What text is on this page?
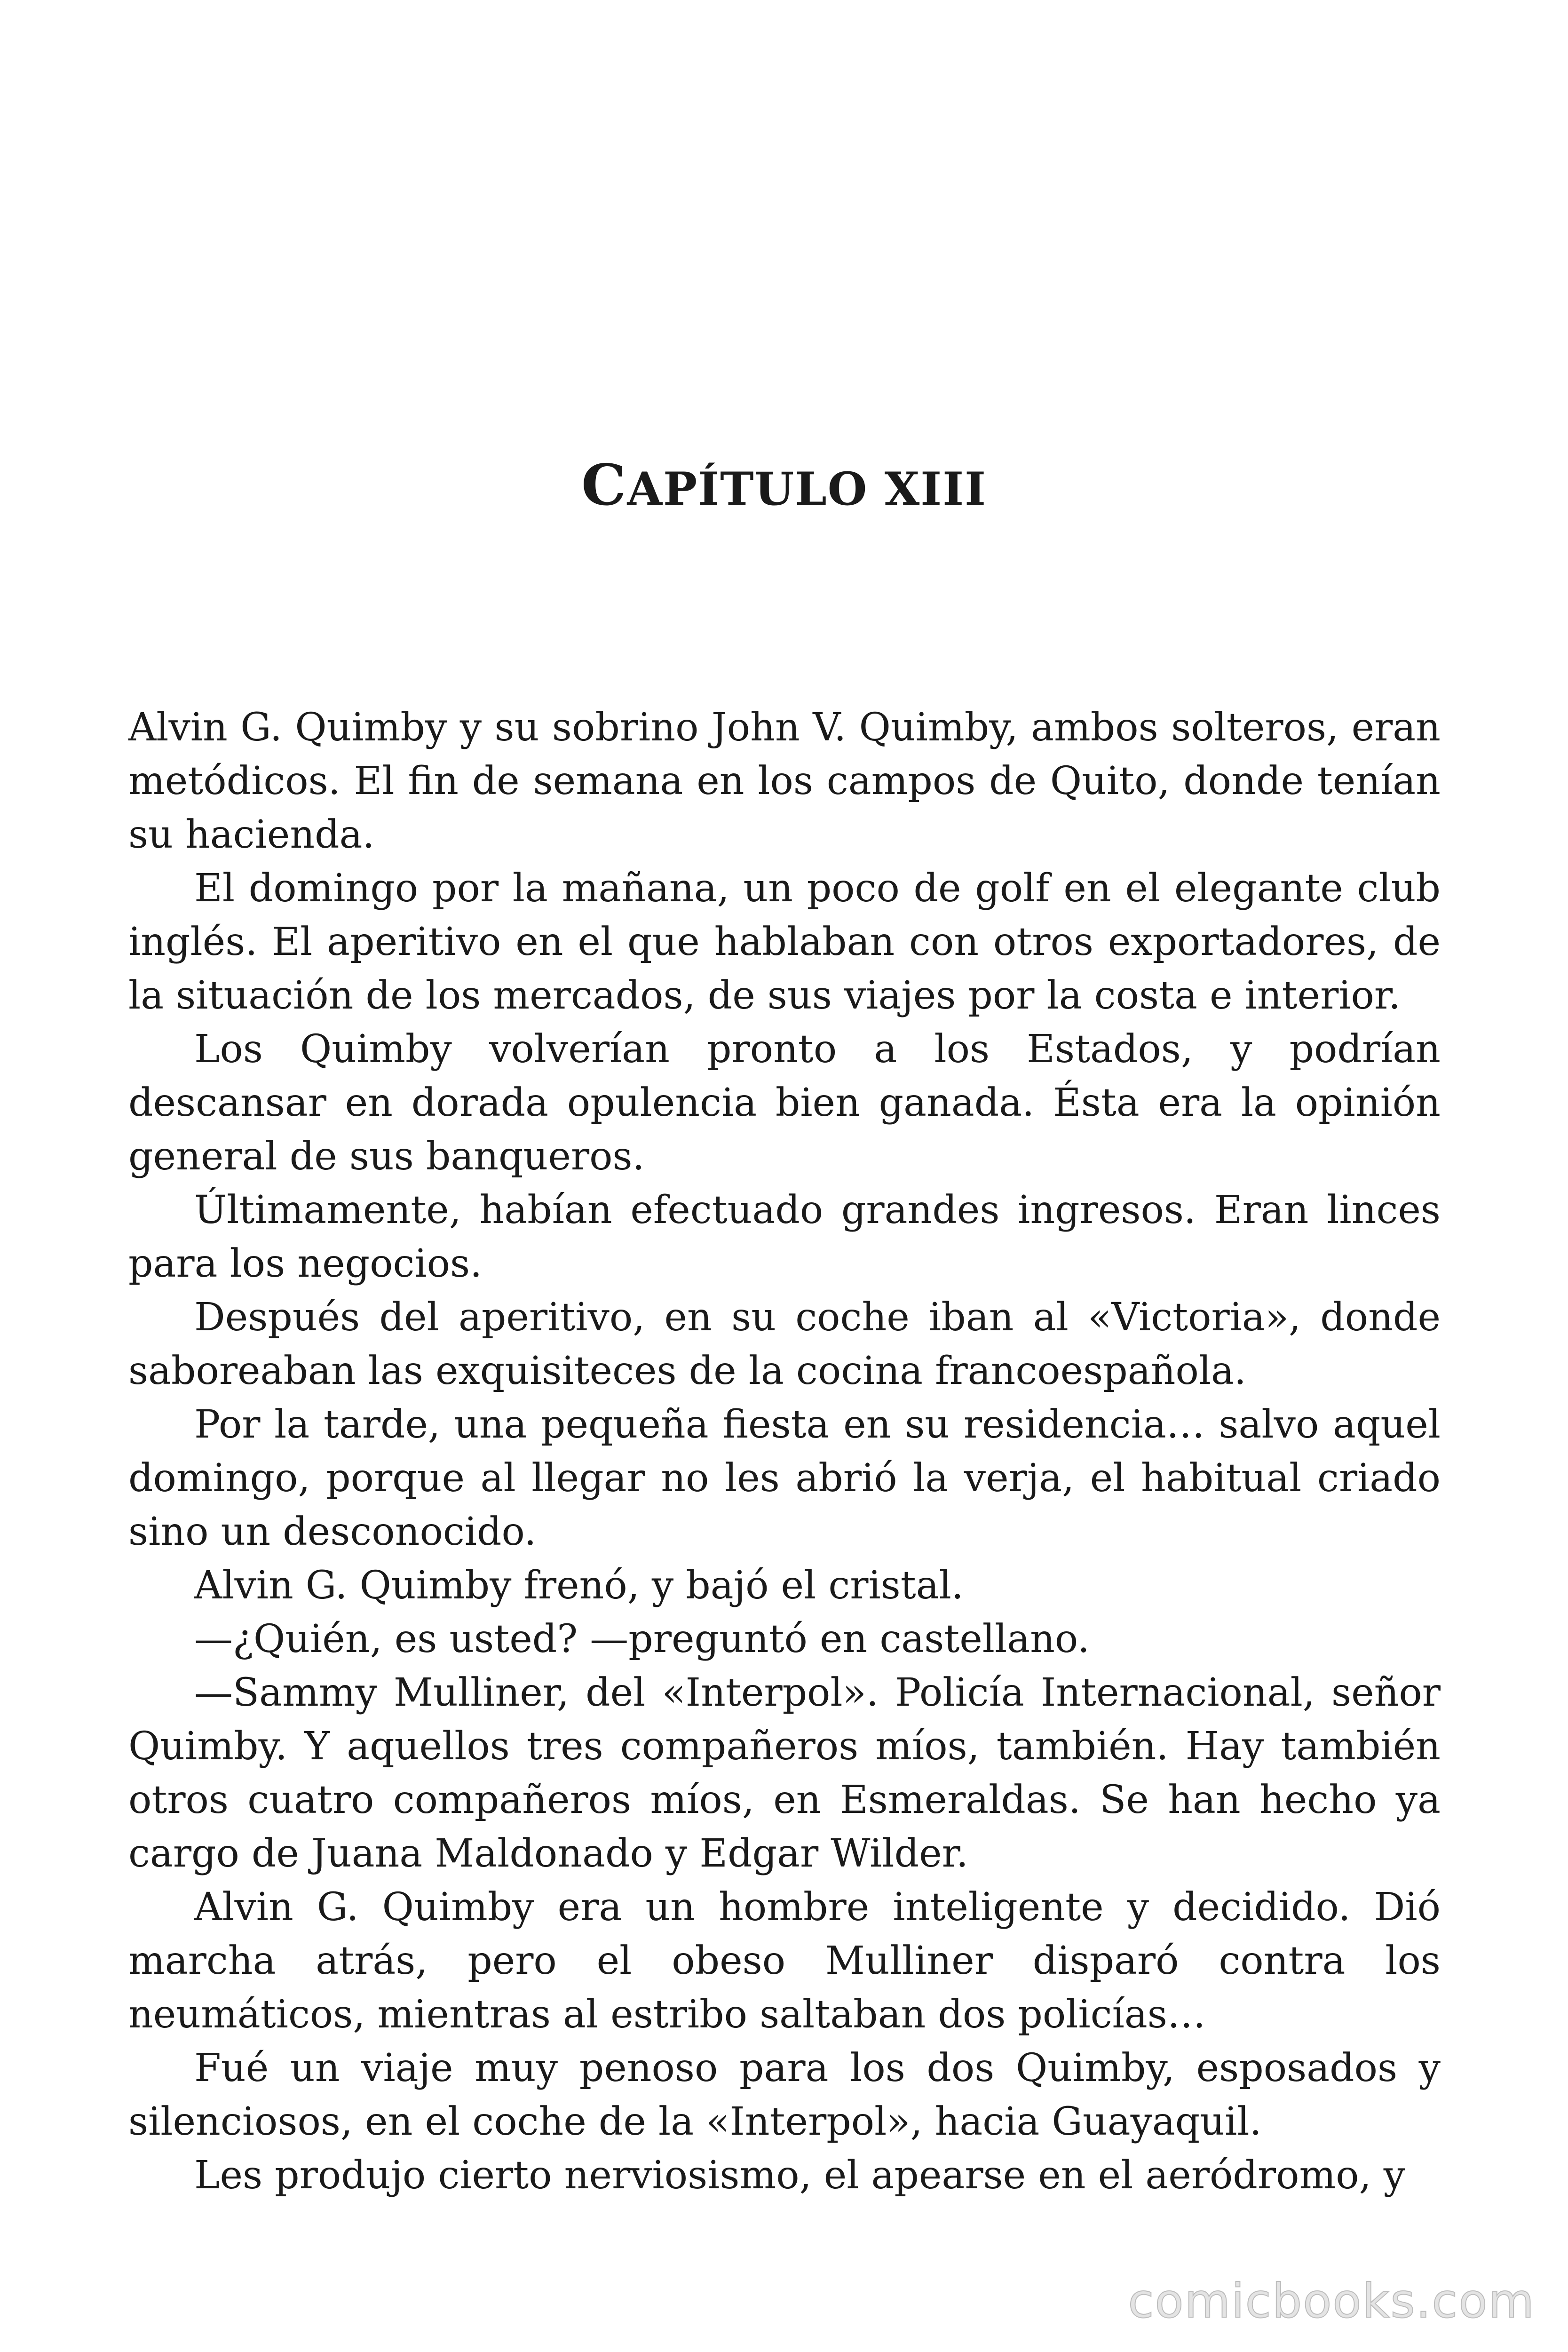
CAPÍTULO XIII

Alvin G. Quimby y su sobrino John V. Quimby, ambos solteros, eran metódicos. El fin de semana en los campos de Quito, donde tenían su hacienda.

El domingo por la mañana, un poco de golf en el elegante club inglés. El aperitivo en el que hablaban con otros exportadores, de la situación de los mercados, de sus viajes por la costa e interior.

Los Quimby volverían pronto a los Estados, y podrían descansar en dorada opulencia bien ganada. Ésta era la opinión general de sus banqueros.

Últimamente, habían efectuado grandes ingresos. Eran linces para los negocios.

Después del aperitivo, en su coche iban al «Victoria», donde saboreaban las exquisiteces de la cocina francoespañola.

Por la tarde, una pequeña fiesta en su residencia… salvo aquel domingo, porque al llegar no les abrió la verja, el habitual criado sino un desconocido.

Alvin G. Quimby frenó, y bajó el cristal.

—¿Quién, es usted? —preguntó en castellano.

—Sammy Mulliner, del «Interpol». Policía Internacional, señor Quimby. Y aquellos tres compañeros míos, también. Hay también otros cuatro compañeros míos, en Esmeraldas. Se han hecho ya cargo de Juana Maldonado y Edgar Wilder.

Alvin G. Quimby era un hombre inteligente y decidido. Dió marcha atrás, pero el obeso Mulliner disparó contra los neumáticos, mientras al estribo saltaban dos policías…

Fué un viaje muy penoso para los dos Quimby, esposados y silenciosos, en el coche de la «Interpol», hacia Guayaquil.

Les produjo cierto nerviosismo, el apearse en el aeródromo, y

comicbooks.com
